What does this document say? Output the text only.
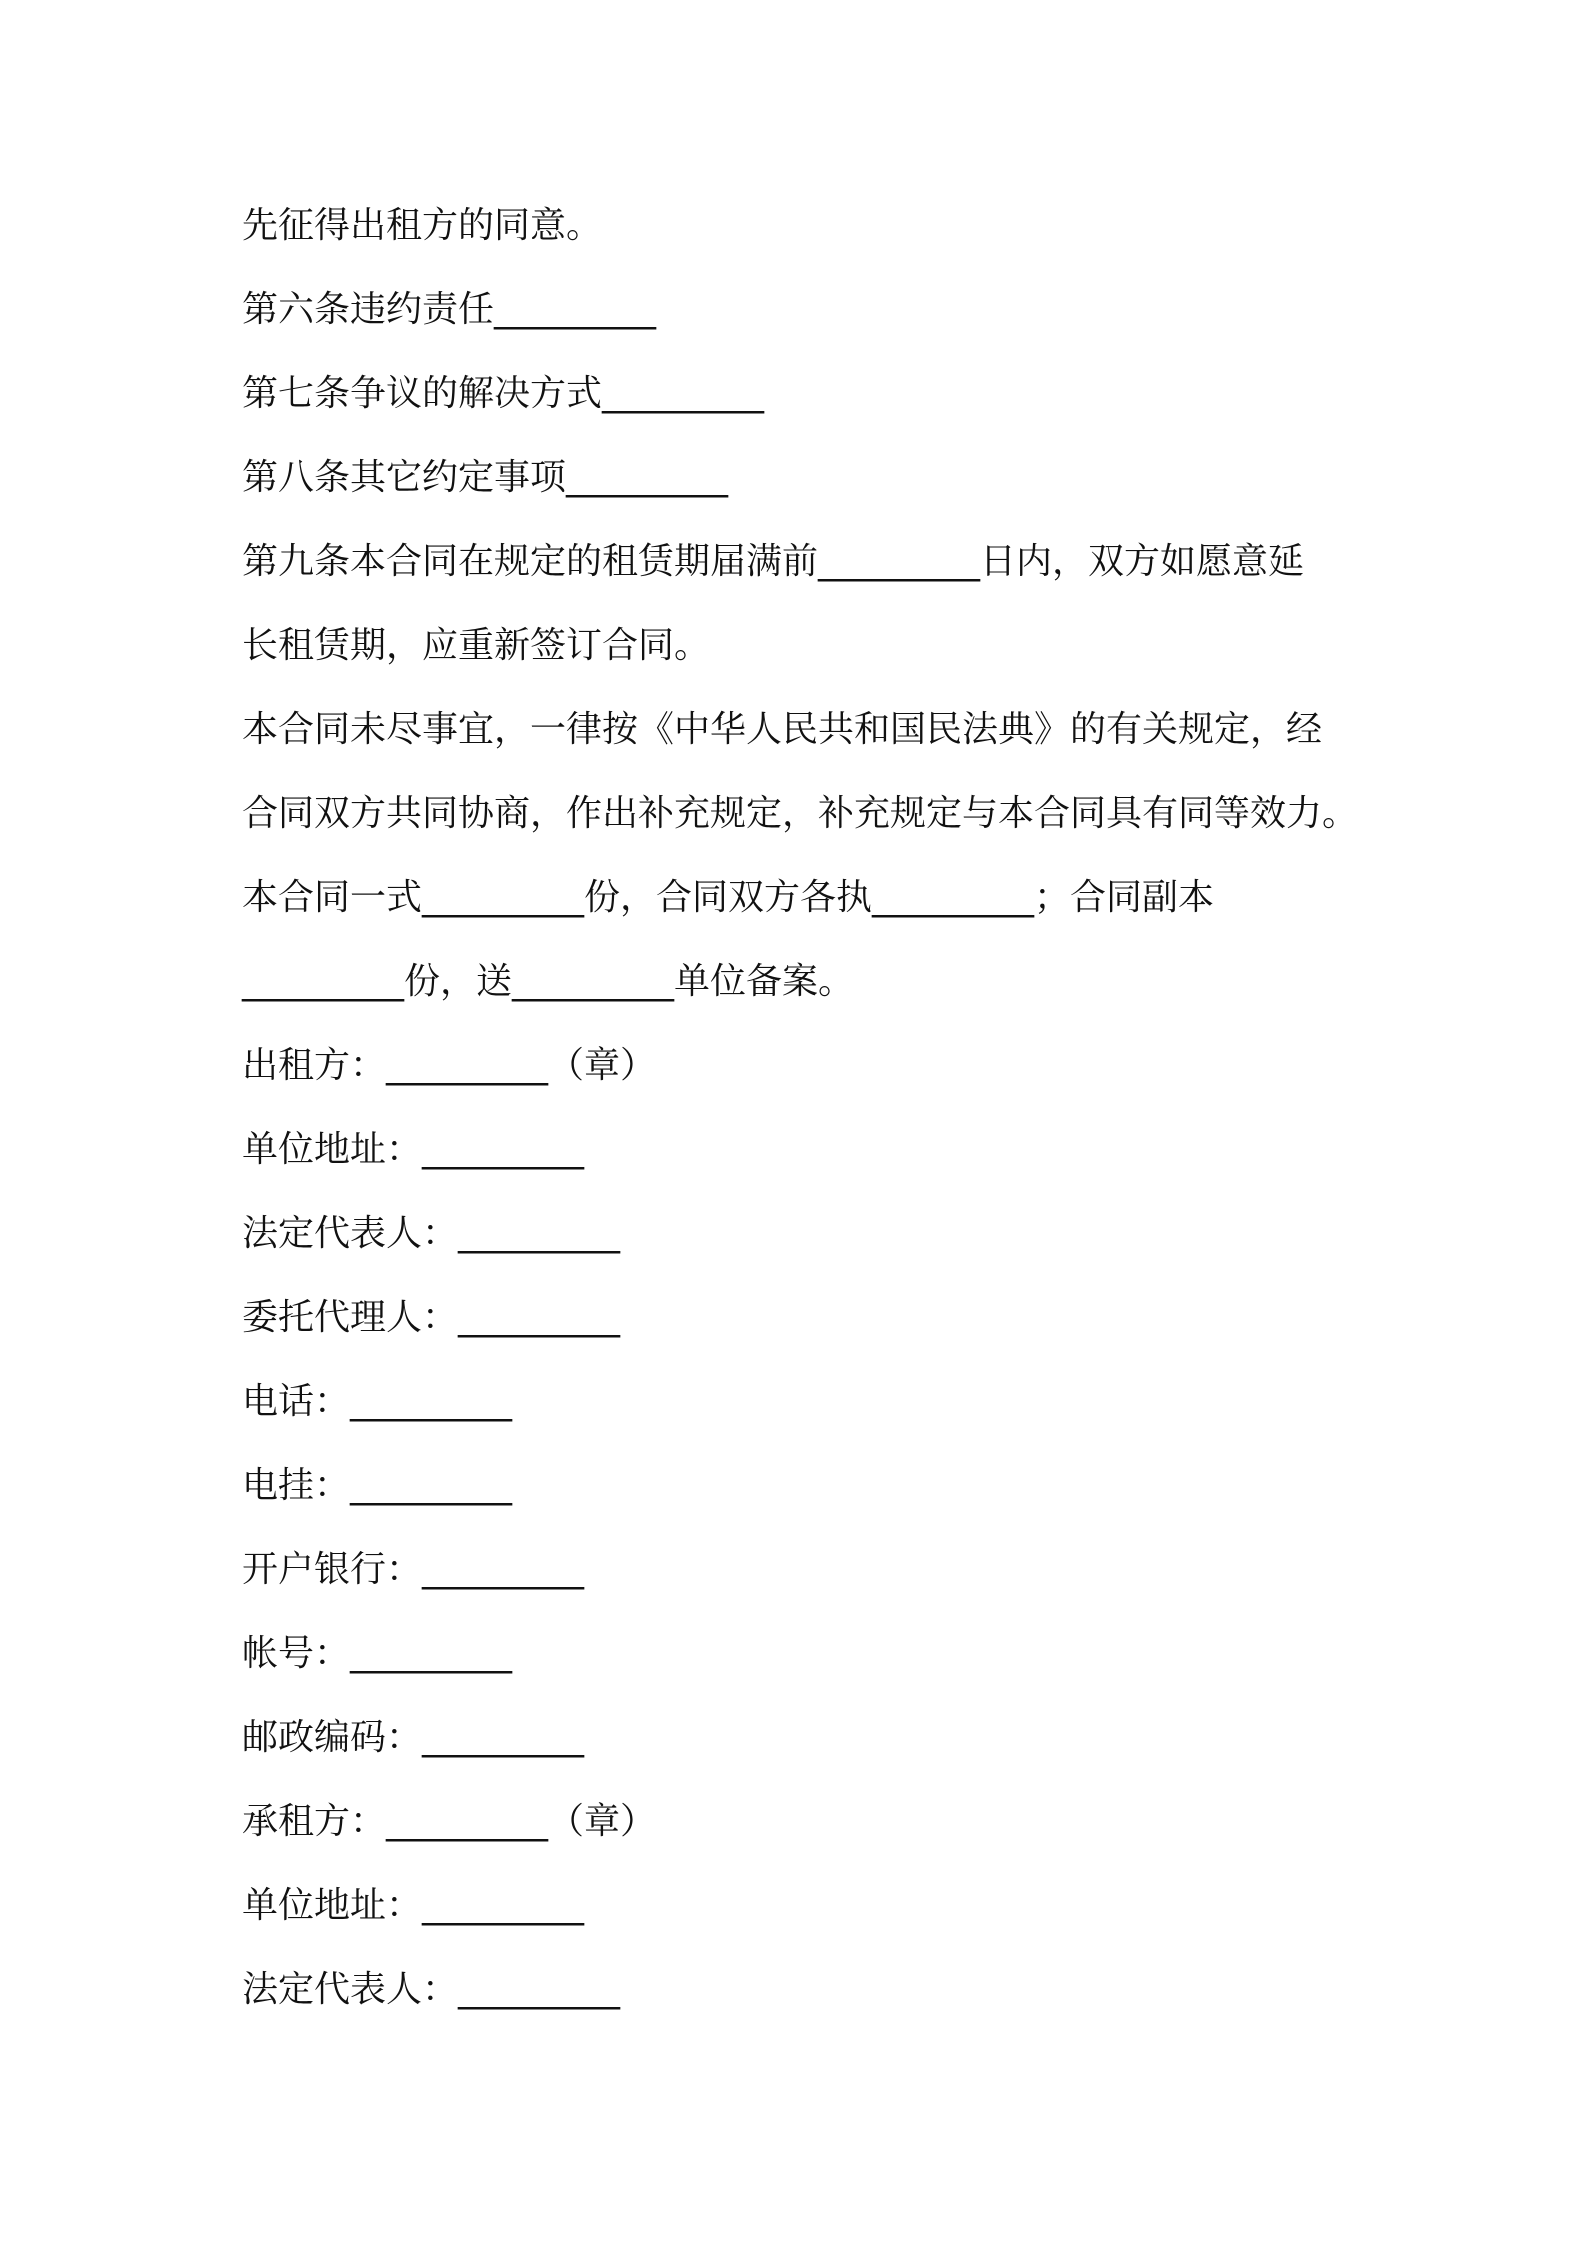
先征得出租方的同意。
第六条违约责任_________
第七条争议的解决方式_________
第八条其它约定事项_________
第九条本合同在规定的租赁期届满前_________日内，双方如愿意延
长租赁期，应重新签订合同。
本合同未尽事宜，一律按《中华人民共和国民法典》的有关规定，经
合同双方共同协商，作出补充规定，补充规定与本合同具有同等效力。
本合同一式_________份，合同双方各执_________；合同副本
_________份，送_________单位备案。
出租方：_________（章）
单位地址：_________
法定代表人：_________
委托代理人：_________
电话：_________
电挂：_________
开户银行：_________
帐号：_________
邮政编码：_________
承租方：_________（章）
单位地址：_________
法定代表人：_________
